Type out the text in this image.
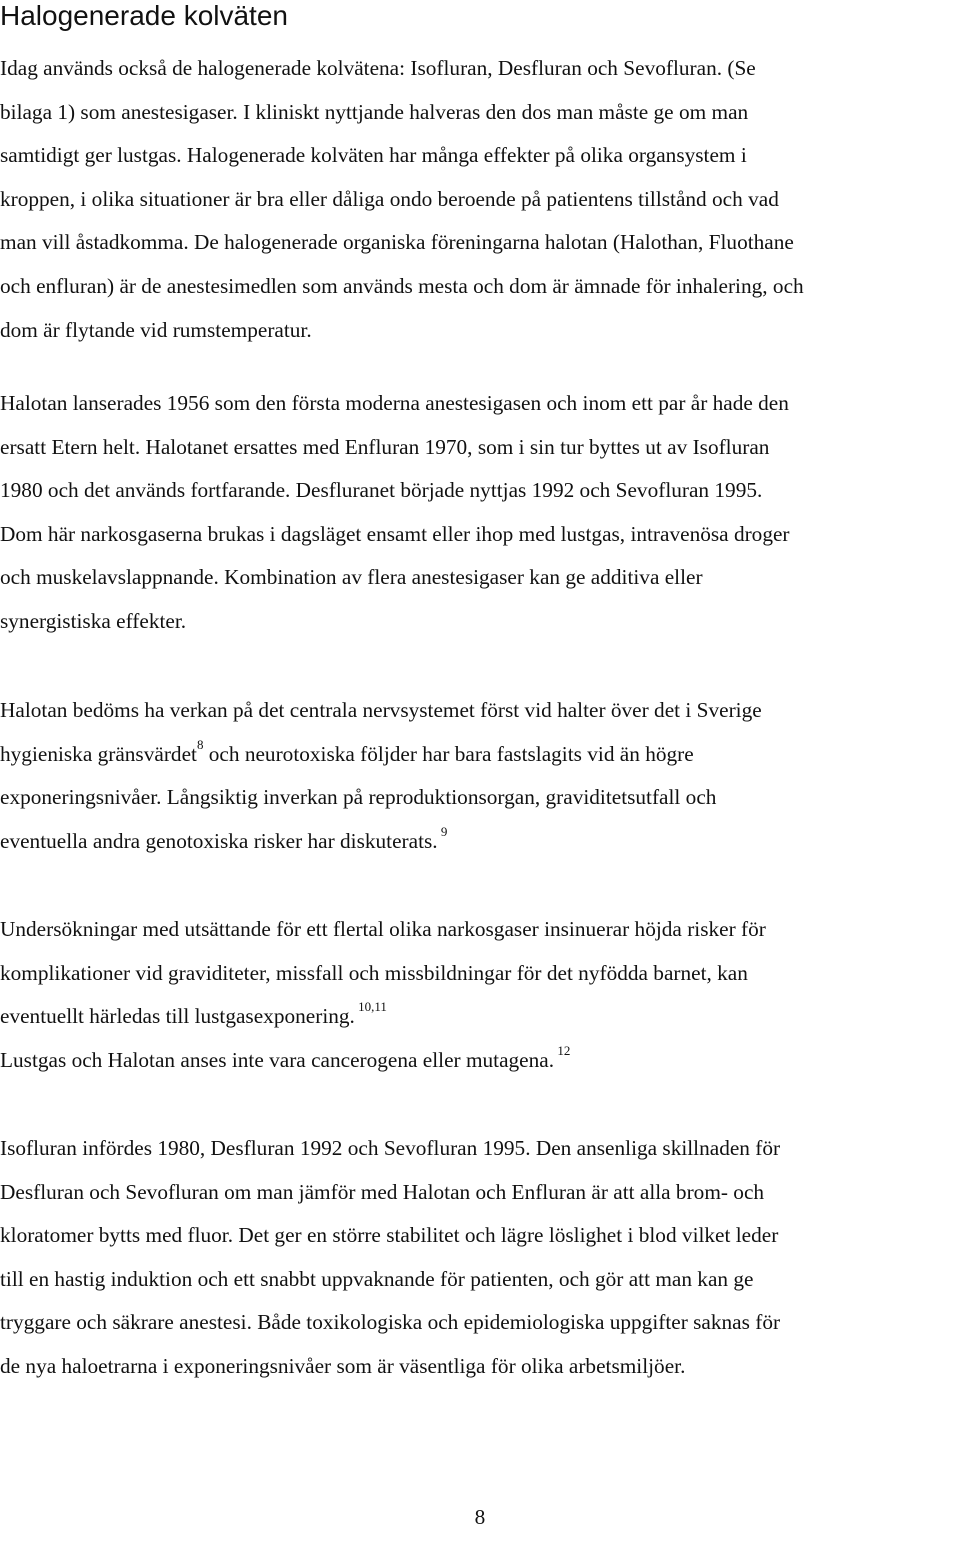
Halogenerade kolväten

Idag används också de halogenerade kolvätena: Isofluran, Desfluran och Sevofluran. (Se
bilaga 1) som anestesigaser. I kliniskt nyttjande halveras den dos man måste ge om man
samtidigt ger lustgas. Halogenerade kolväten har många effekter på olika organsystem i
kroppen, i olika situationer är bra eller dåliga ondo beroende på patientens tillstånd och vad
man vill åstadkomma. De halogenerade organiska föreningarna halotan (Halothan, Fluothane
och enfluran) är de anestesimedlen som används mesta och dom är ämnade för inhalering, och
dom är flytande vid rumstemperatur.

Halotan lanserades 1956 som den första moderna anestesigasen och inom ett par år hade den
ersatt Etern helt. Halotanet ersattes med Enfluran 1970, som i sin tur byttes ut av Isofluran
1980 och det används fortfarande. Desfluranet började nyttjas 1992 och Sevofluran 1995.
Dom här narkosgaserna brukas i dagsläget ensamt eller ihop med lustgas, intravenösa droger
och muskelavslappnande. Kombination av flera anestesigaser kan ge additiva eller
synergistiska effekter.

Halotan bedöms ha verkan på det centrala nervsystemet först vid halter över det i Sverige
hygieniska gränsvärdet$^8$ och neurotoxiska följder har bara fastslagits vid än högre
exponeringsnivåer. Långsiktig inverkan på reproduktionsorgan, graviditetsutfall och
eventuella andra genotoxiska risker har diskuterats. $^9$

Undersökningar med utsättande för ett flertal olika narkosgaser insinuerar höjda risker för
komplikationer vid graviditeter, missfall och missbildningar för det nyfödda barnet, kan
eventuellt härledas till lustgasexponering. $^{10,11}$
Lustgas och Halotan anses inte vara cancerogena eller mutagena. $^{12}$

Isofluran infördes 1980, Desfluran 1992 och Sevofluran 1995. Den ansenliga skillnaden för
Desfluran och Sevofluran om man jämför med Halotan och Enfluran är att alla brom- och
kloratomer bytts med fluor. Det ger en större stabilitet och lägre löslighet i blod vilket leder
till en hastig induktion och ett snabbt uppvaknande för patienten, och gör att man kan ge
tryggare och säkrare anestesi. Både toxikologiska och epidemiologiska uppgifter saknas för
de nya haloetrarna i exponeringsnivåer som är väsentliga för olika arbetsmiljöer.

8
